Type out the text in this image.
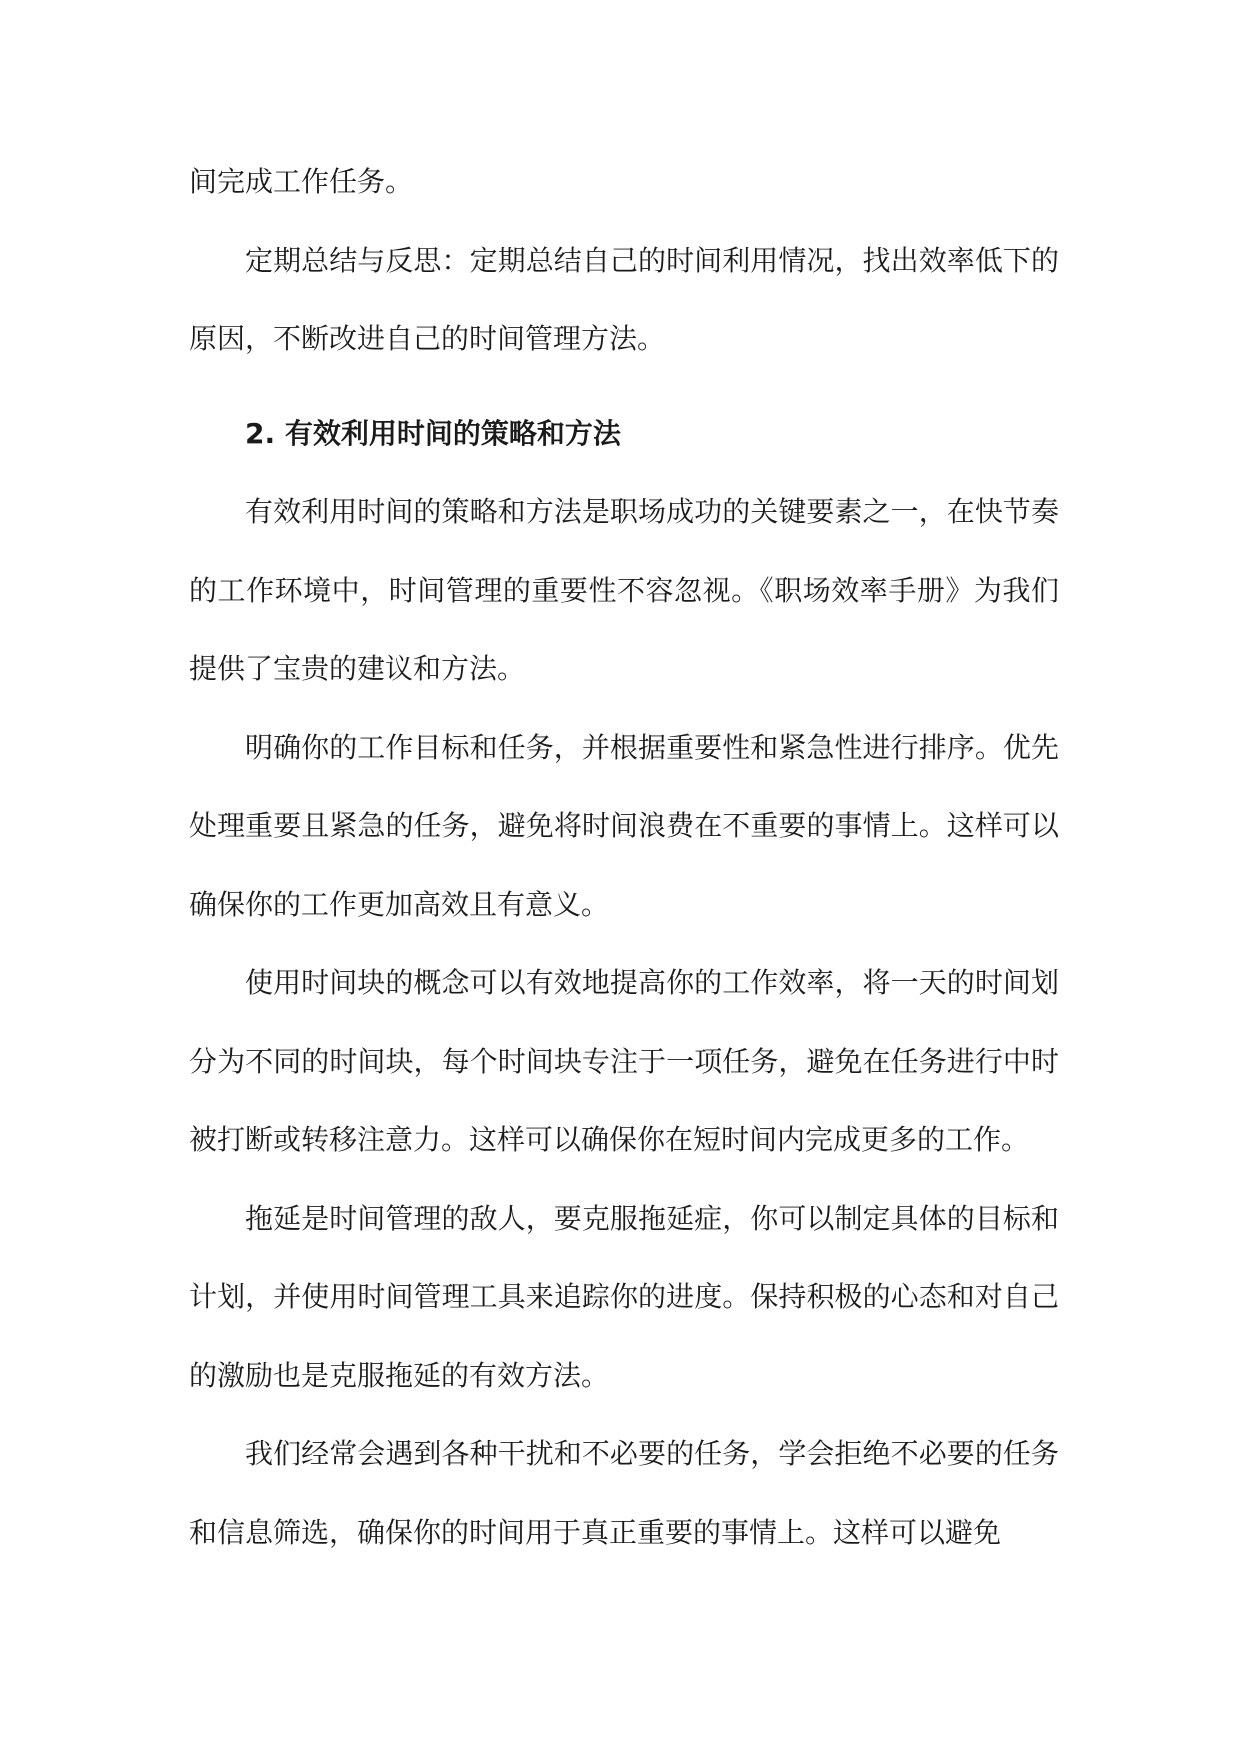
间完成工作任务。

定期总结与反思：定期总结自己的时间利用情况，找出效率低下的原因，不断改进自己的时间管理方法。

2. 有效利用时间的策略和方法

有效利用时间的策略和方法是职场成功的关键要素之一，在快节奏的工作环境中，时间管理的重要性不容忽视。《职场效率手册》为我们提供了宝贵的建议和方法。

明确你的工作目标和任务，并根据重要性和紧急性进行排序。优先处理重要且紧急的任务，避免将时间浪费在不重要的事情上。这样可以确保你的工作更加高效且有意义。

使用时间块的概念可以有效地提高你的工作效率，将一天的时间划分为不同的时间块，每个时间块专注于一项任务，避免在任务进行中时被打断或转移注意力。这样可以确保你在短时间内完成更多的工作。

拖延是时间管理的敌人，要克服拖延症，你可以制定具体的目标和计划，并使用时间管理工具来追踪你的进度。保持积极的心态和对自己的激励也是克服拖延的有效方法。

我们经常会遇到各种干扰和不必要的任务，学会拒绝不必要的任务和信息筛选，确保你的时间用于真正重要的事情上。这样可以避免
